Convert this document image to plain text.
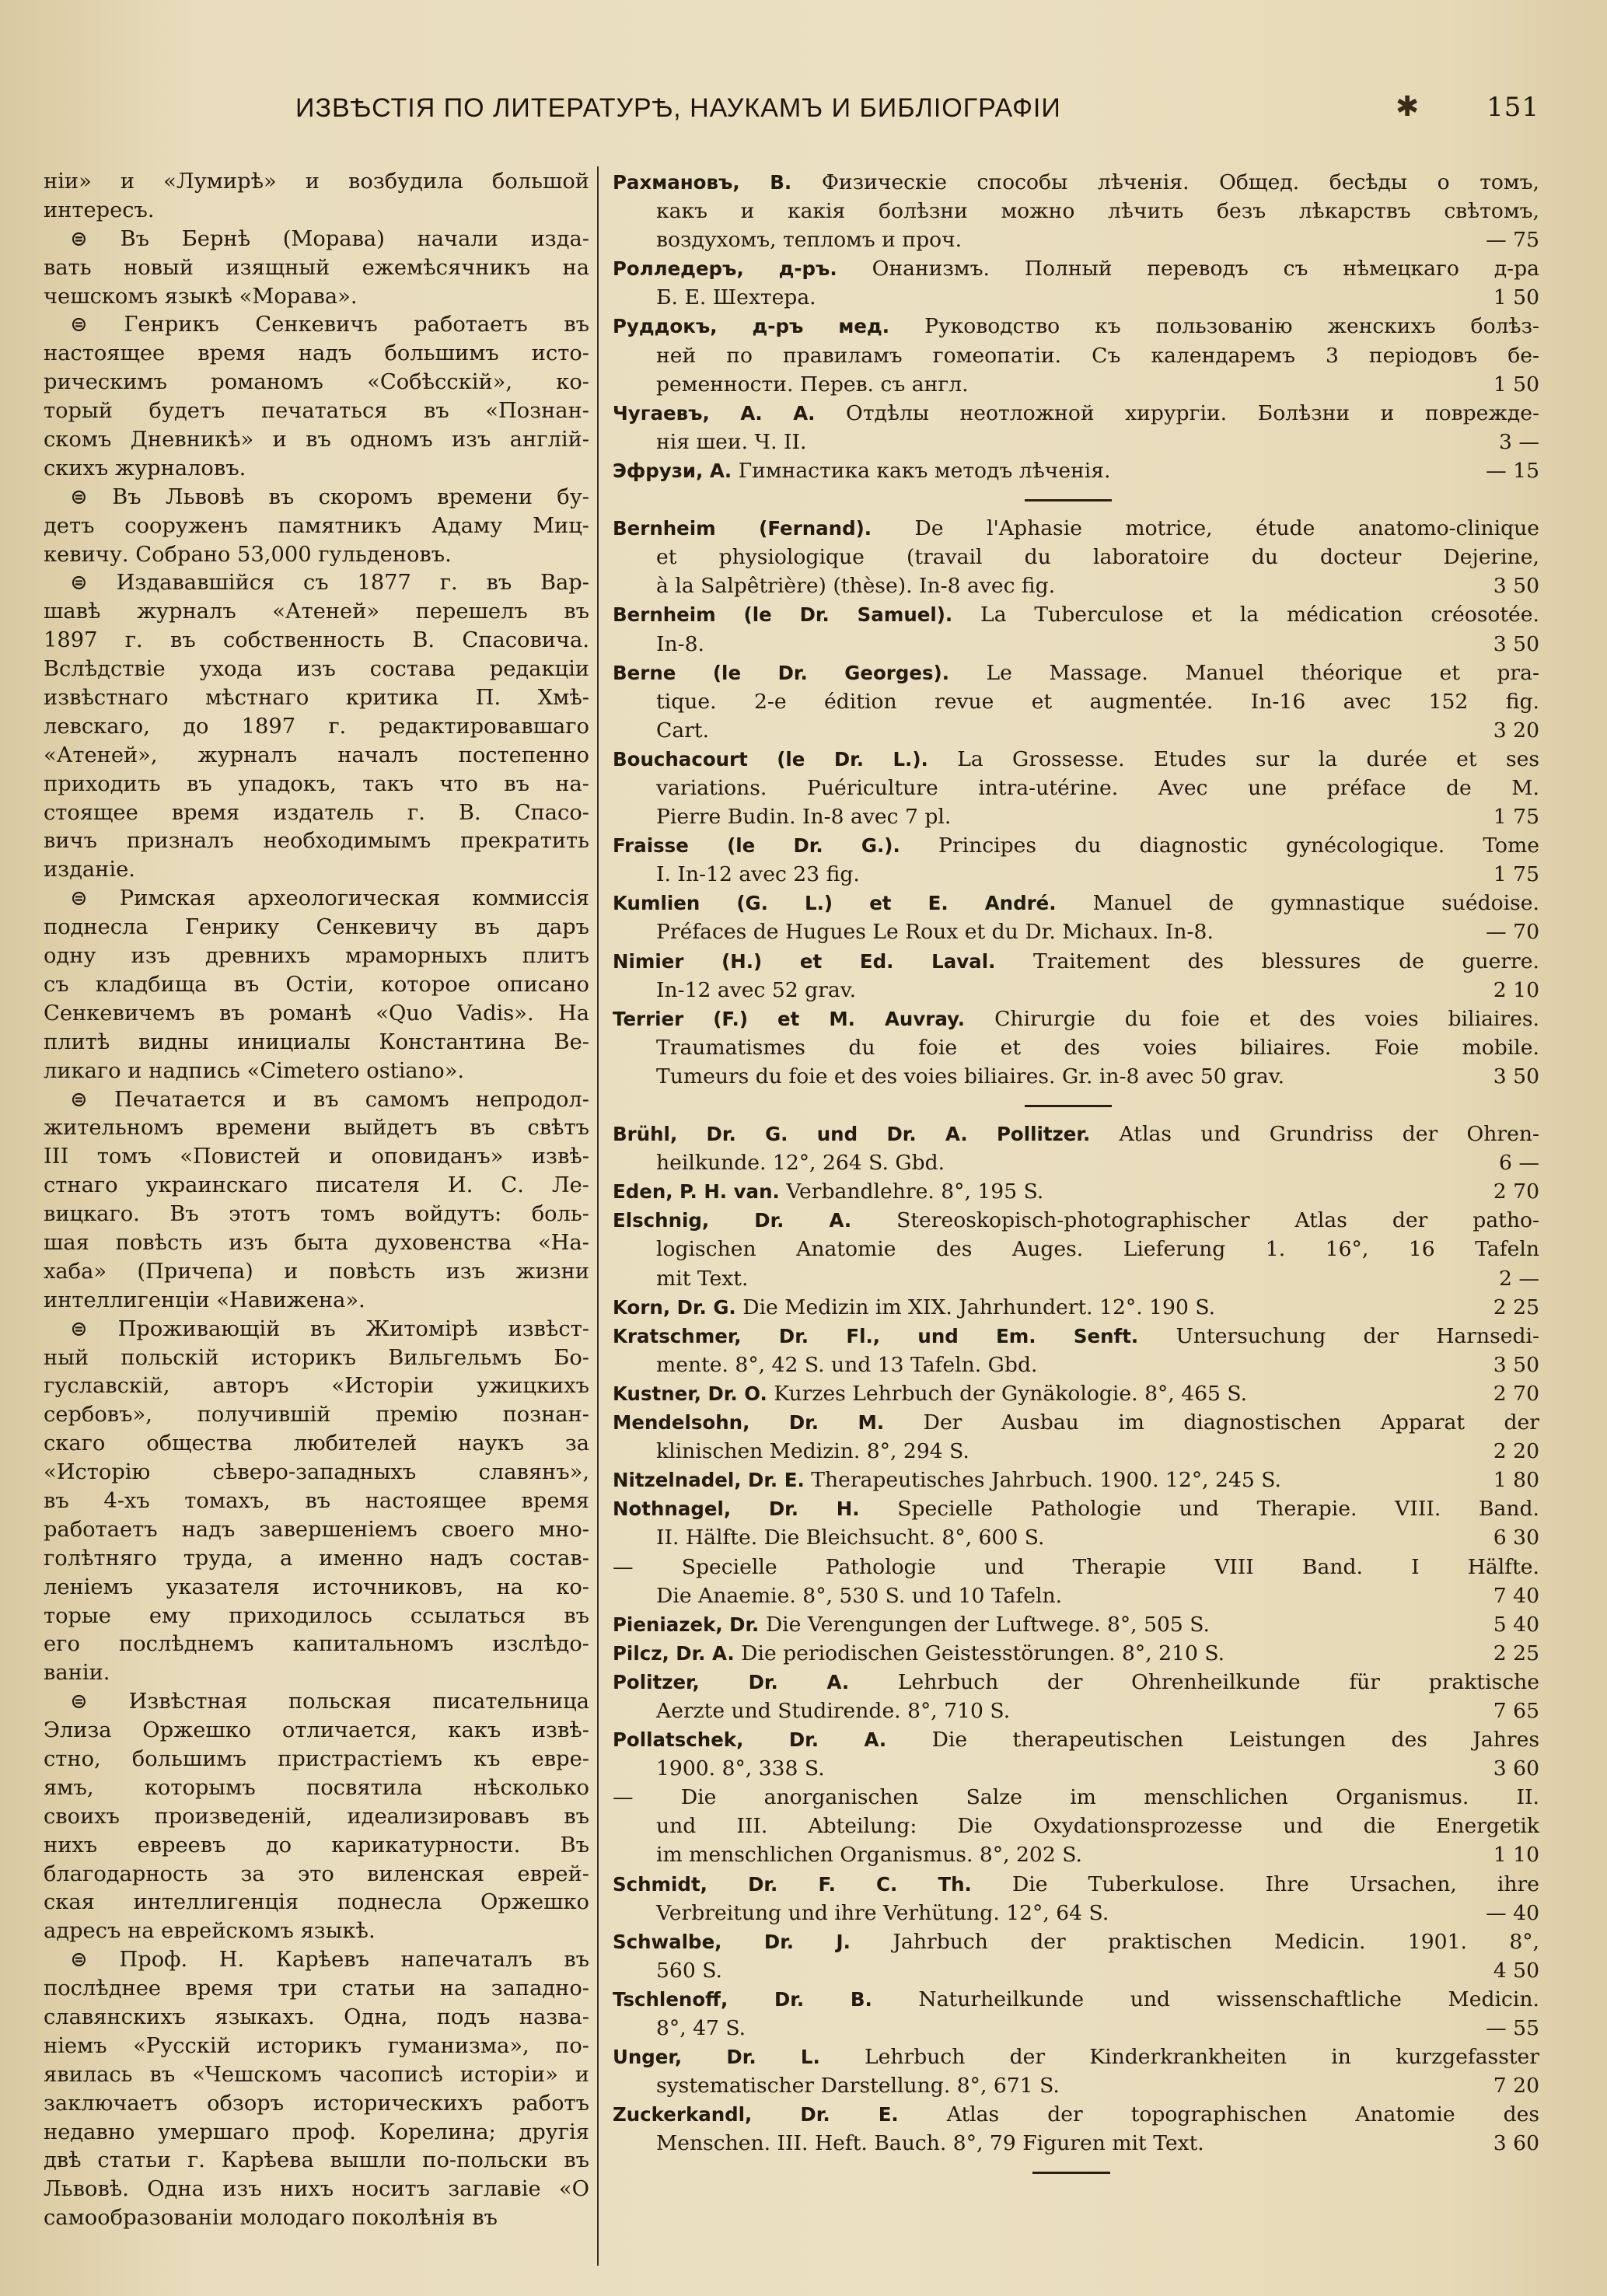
ИЗВѢСТІЯ ПО ЛИТЕРАТУРѢ, НАУКАМЪ И БИБЛІОГРАФІИ	✱	151
ніи» и «Лумирѣ» и возбудила большой
интересъ.
⊜ Въ Бернѣ (Морава) начали изда-
вать новый изящный ежемѣсячникъ на
чешскомъ языкѣ «Морава».
⊜ Генрикъ Сенкевичъ работаетъ въ
настоящее время надъ большимъ исто-
рическимъ романомъ «Собѣсскій», ко-
торый будетъ печататься въ «Познан-
скомъ Дневникѣ» и въ одномъ изъ англій-
скихъ журналовъ.
⊜ Въ Львовѣ въ скоромъ времени бу-
детъ сооруженъ памятникъ Адаму Миц-
кевичу. Собрано 53,000 гульденовъ.
⊜ Издававшійся съ 1877 г. въ Вар-
шавѣ журналъ «Атеней» перешелъ въ
1897 г. въ собственность В. Спасовича.
Вслѣдствіе ухода изъ состава редакціи
извѣстнаго мѣстнаго критика П. Хмѣ-
левскаго, до 1897 г. редактировавшаго
«Атеней», журналъ началъ постепенно
приходить въ упадокъ, такъ что въ на-
стоящее время издатель г. В. Спасо-
вичъ призналъ необходимымъ прекратить
изданіе.
⊜ Римская археологическая коммиссія
поднесла Генрику Сенкевичу въ даръ
одну изъ древнихъ мраморныхъ плитъ
съ кладбища въ Остіи, которое описано
Сенкевичемъ въ романѣ «Quo Vadis». На
плитѣ видны инициалы Константина Ве-
ликаго и надпись «Cimetero ostiano».
⊜ Печатается и въ самомъ непродол-
жительномъ времени выйдетъ въ свѣтъ
III томъ «Повистей и оповиданъ» извѣ-
стнаго украинскаго писателя И. С. Ле-
вицкаго. Въ этотъ томъ войдутъ: боль-
шая повѣсть изъ быта духовенства «На-
хаба» (Причепа) и повѣсть изъ жизни
интеллигенціи «Навижена».
⊜ Проживающій въ Житомірѣ извѣст-
ный польскій историкъ Вильгельмъ Бо-
гуславскій, авторъ «Исторіи ужицкихъ
сербовъ», получившій премію познан-
скаго общества любителей наукъ за
«Исторію сѣверо-западныхъ славянъ»,
въ 4-хъ томахъ, въ настоящее время
работаетъ надъ завершеніемъ своего мно-
голѣтняго труда, а именно надъ состав-
леніемъ указателя источниковъ, на ко-
торые ему приходилось ссылаться въ
его послѣднемъ капитальномъ изслѣдо-
ваніи.
⊜ Извѣстная польская писательница
Элиза Оржешко отличается, какъ извѣ-
стно, большимъ пристрастіемъ къ евре-
ямъ, которымъ посвятила нѣсколько
своихъ произведеній, идеализировавъ въ
нихъ евреевъ до карикатурности. Въ
благодарность за это виленская еврей-
ская интеллигенція поднесла Оржешко
адресъ на еврейскомъ языкѣ.
⊜ Проф. Н. Карѣевъ напечаталъ въ
послѣднее время три статьи на западно-
славянскихъ языкахъ. Одна, подъ назва-
ніемъ «Русскій историкъ гуманизма», по-
явилась въ «Чешскомъ часописѣ исторіи» и
заключаетъ обзоръ историческихъ работъ
недавно умершаго проф. Корелина; другія
двѣ статьи г. Карѣева вышли по-польски въ
Львовѣ. Одна изъ нихъ носитъ заглавіе «О
самообразованіи молодаго поколѣнія въ
Рахмановъ, В. Физическіе способы лѣченія. Общед. бесѣды о томъ,
какъ и какія болѣзни можно лѣчить безъ лѣкарствъ свѣтомъ,
воздухомъ, тепломъ и проч.	— 75
Ролледеръ, д-ръ. Онанизмъ. Полный переводъ съ нѣмецкаго д-ра
Б. Е. Шехтера.	1 50
Руддокъ, д-ръ мед. Руководство къ пользованію женскихъ болѣз-
ней по правиламъ гомеопатіи. Съ календаремъ 3 періодовъ бе-
ременности. Перев. съ англ.	1 50
Чугаевъ, А. А. Отдѣлы неотложной хирургіи. Болѣзни и поврежде-
нія шеи. Ч. II.	3 —
Эфрузи, А. Гимнастика какъ методъ лѣченія.	— 15
Bernheim (Fernand). De l'Aphasie motrice, étude anatomo-clinique
et physiologique (travail du laboratoire du docteur Dejerine,
à la Salpêtrière) (thèse). In-8 avec fig.	3 50
Bernheim (le Dr. Samuel). La Tuberculose et la médication créosotée.
In-8.	3 50
Berne (le Dr. Georges). Le Massage. Manuel théorique et pra-
tique. 2-e édition revue et augmentée. In-16 avec 152 fig.
Cart.	3 20
Bouchacourt (le Dr. L.). La Grossesse. Etudes sur la durée et ses
variations. Puériculture intra-utérine. Avec une préface de M.
Pierre Budin. In-8 avec 7 pl.	1 75
Fraisse (le Dr. G.). Principes du diagnostic gynécologique. Tome
I. In-12 avec 23 fig.	1 75
Kumlien (G. L.) et E. André. Manuel de gymnastique suédoise.
Préfaces de Hugues Le Roux et du Dr. Michaux. In-8.	— 70
Nimier (H.) et Ed. Laval. Traitement des blessures de guerre.
In-12 avec 52 grav.	2 10
Terrier (F.) et M. Auvray. Chirurgie du foie et des voies biliaires.
Traumatismes du foie et des voies biliaires. Foie mobile.
Tumeurs du foie et des voies biliaires. Gr. in-8 avec 50 grav.	3 50
Brühl, Dr. G. und Dr. A. Pollitzer. Atlas und Grundriss der Ohren-
heilkunde. 12°, 264 S. Gbd.	6 —
Eden, P. H. van. Verbandlehre. 8°, 195 S.	2 70
Elschnig, Dr. A. Stereoskopisch-photographischer Atlas der patho-
logischen Anatomie des Auges. Lieferung 1. 16°, 16 Tafeln
mit Text.	2 —
Korn, Dr. G. Die Medizin im XIX. Jahrhundert. 12°. 190 S.	2 25
Kratschmer, Dr. Fl., und Em. Senft. Untersuchung der Harnsedi-
mente. 8°, 42 S. und 13 Tafeln. Gbd.	3 50
Kustner, Dr. O. Kurzes Lehrbuch der Gynäkologie. 8°, 465 S.	2 70
Mendelsohn, Dr. M. Der Ausbau im diagnostischen Apparat der
klinischen Medizin. 8°, 294 S.	2 20
Nitzelnadel, Dr. E. Therapeutisches Jahrbuch. 1900. 12°, 245 S.	1 80
Nothnagel, Dr. H. Specielle Pathologie und Therapie. VIII. Band.
II. Hälfte. Die Bleichsucht. 8°, 600 S.	6 30
— Specielle Pathologie und Therapie VIII Band. I Hälfte.
Die Anaemie. 8°, 530 S. und 10 Tafeln.	7 40
Pieniazek, Dr. Die Verengungen der Luftwege. 8°, 505 S.	5 40
Pilcz, Dr. A. Die periodischen Geistesstörungen. 8°, 210 S.	2 25
Politzer, Dr. A. Lehrbuch der Ohrenheilkunde für praktische
Aerzte und Studirende. 8°, 710 S.	7 65
Pollatschek, Dr. A. Die therapeutischen Leistungen des Jahres
1900. 8°, 338 S.	3 60
— Die anorganischen Salze im menschlichen Organismus. II.
und III. Abteilung: Die Oxydationsprozesse und die Energetik
im menschlichen Organismus. 8°, 202 S.	1 10
Schmidt, Dr. F. C. Th. Die Tuberkulose. Ihre Ursachen, ihre
Verbreitung und ihre Verhütung. 12°, 64 S.	— 40
Schwalbe, Dr. J. Jahrbuch der praktischen Medicin. 1901. 8°,
560 S.	4 50
Tschlenoff, Dr. B. Naturheilkunde und wissenschaftliche Medicin.
8°, 47 S.	— 55
Unger, Dr. L. Lehrbuch der Kinderkrankheiten in kurzgefasster
systematischer Darstellung. 8°, 671 S.	7 20
Zuckerkandl, Dr. E. Atlas der topographischen Anatomie des
Menschen. III. Heft. Bauch. 8°, 79 Figuren mit Text.	3 60
